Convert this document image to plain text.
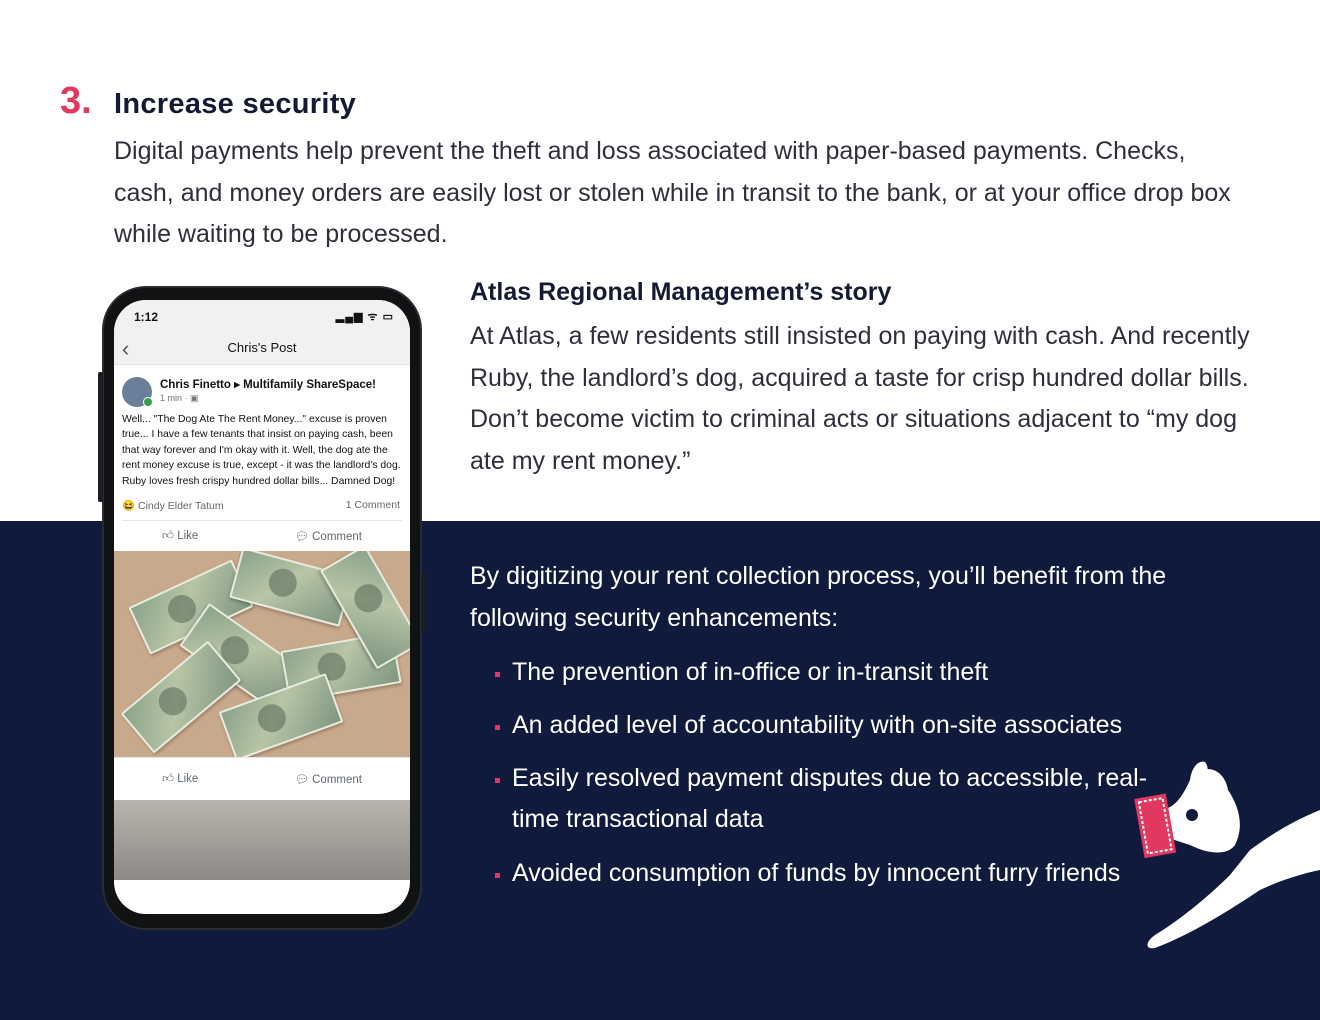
3. Increase security

Digital payments help prevent the theft and loss associated with paper-based payments. Checks, cash, and money orders are easily lost or stolen while in transit to the bank, or at your office drop box while waiting to be processed.

Atlas Regional Management’s story

At Atlas, a few residents still insisted on paying with cash. And recently Ruby, the landlord’s dog, acquired a taste for crisp hundred dollar bills. Don’t become victim to criminal acts or situations adjacent to “my dog ate my rent money.”

By digitizing your rent collection process, you’ll benefit from the following security enhancements:

The prevention of in-office or in-transit theft
An added level of accountability with on-site associates
Easily resolved payment disputes due to accessible, real-time transactional data
Avoided consumption of funds by innocent furry friends
1:12	▂▄▆ ᯤ ▭
‹	Chris's Post
Chris Finetto ▸ Multifamily ShareSpace!
1 min · ▣

Well... "The Dog Ate The Rent Money..." excuse is proven true... I have a few tenants that insist on paying cash, been that way forever and I'm okay with it. Well, the dog ate the rent money excuse is true, except - it was the landlord's dog. Ruby loves fresh crispy hundred dollar bills... Damned Dog!

😆 Cindy Elder Tatum	1 Comment
👍︎ Like	💬︎ Comment
👍︎ Like	💬︎ Comment
